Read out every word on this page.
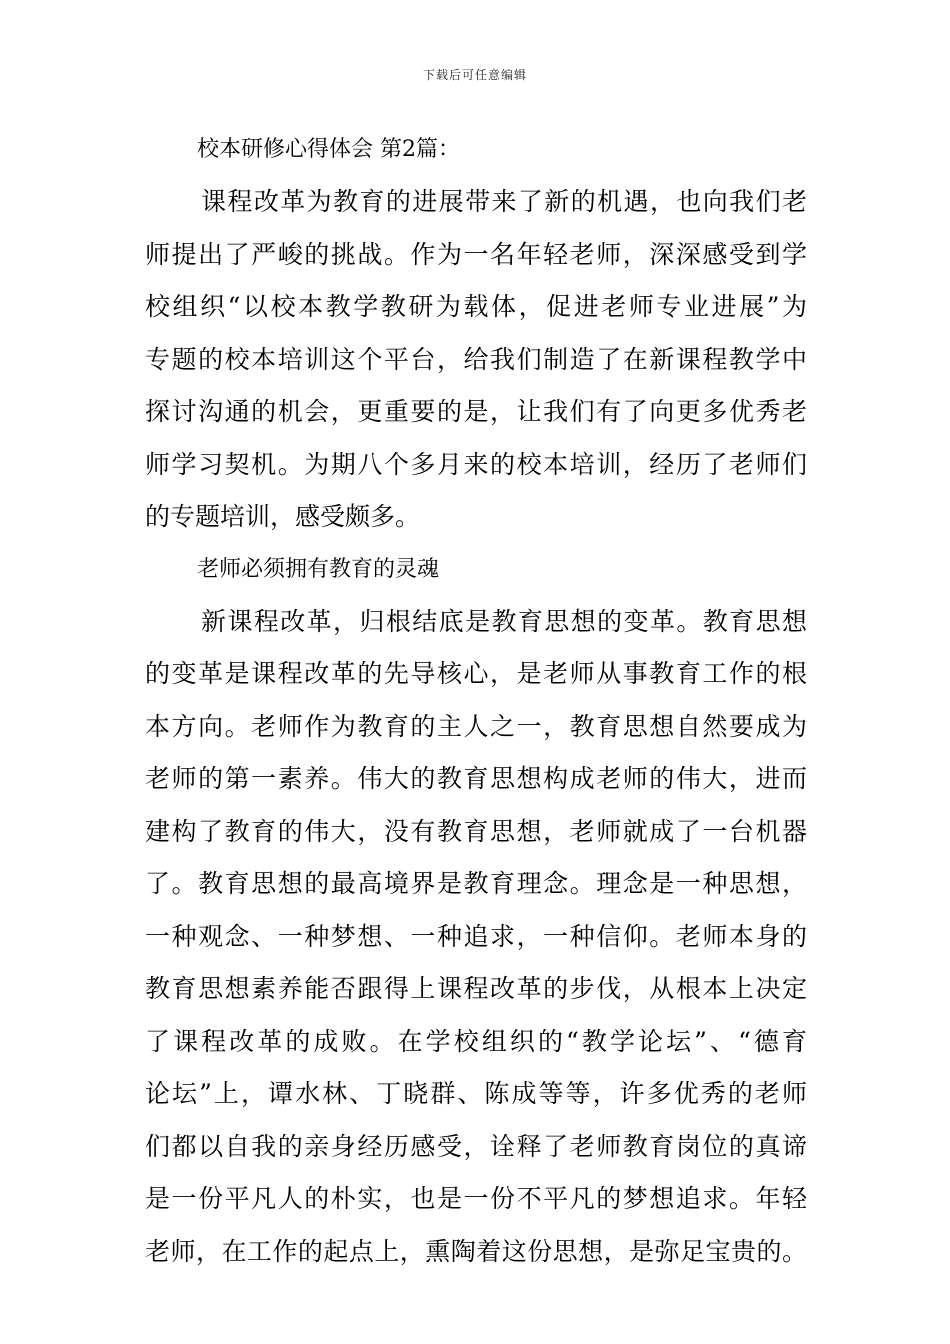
下载后可任意编辑
校本研修心得体会 第2篇：
课程改革为教育的进展带来了新的机遇，也向我们老
师提出了严峻的挑战。作为一名年轻老师，深深感受到学
校组织“以校本教学教研为载体，促进老师专业进展”为
专题的校本培训这个平台，给我们制造了在新课程教学中
探讨沟通的机会，更重要的是，让我们有了向更多优秀老
师学习契机。为期八个多月来的校本培训，经历了老师们
的专题培训，感受颇多。
老师必须拥有教育的灵魂
新课程改革，归根结底是教育思想的变革。教育思想
的变革是课程改革的先导核心，是老师从事教育工作的根
本方向。老师作为教育的主人之一，教育思想自然要成为
老师的第一素养。伟大的教育思想构成老师的伟大，进而
建构了教育的伟大，没有教育思想，老师就成了一台机器
了。教育思想的最高境界是教育理念。理念是一种思想，
一种观念、一种梦想、一种追求，一种信仰。老师本身的
教育思想素养能否跟得上课程改革的步伐，从根本上决定
了课程改革的成败。在学校组织的“教学论坛”、“德育
论坛”上，谭水林、丁晓群、陈成等等，许多优秀的老师
们都以自我的亲身经历感受，诠释了老师教育岗位的真谛
是一份平凡人的朴实，也是一份不平凡的梦想追求。年轻
老师，在工作的起点上，熏陶着这份思想，是弥足宝贵的。
